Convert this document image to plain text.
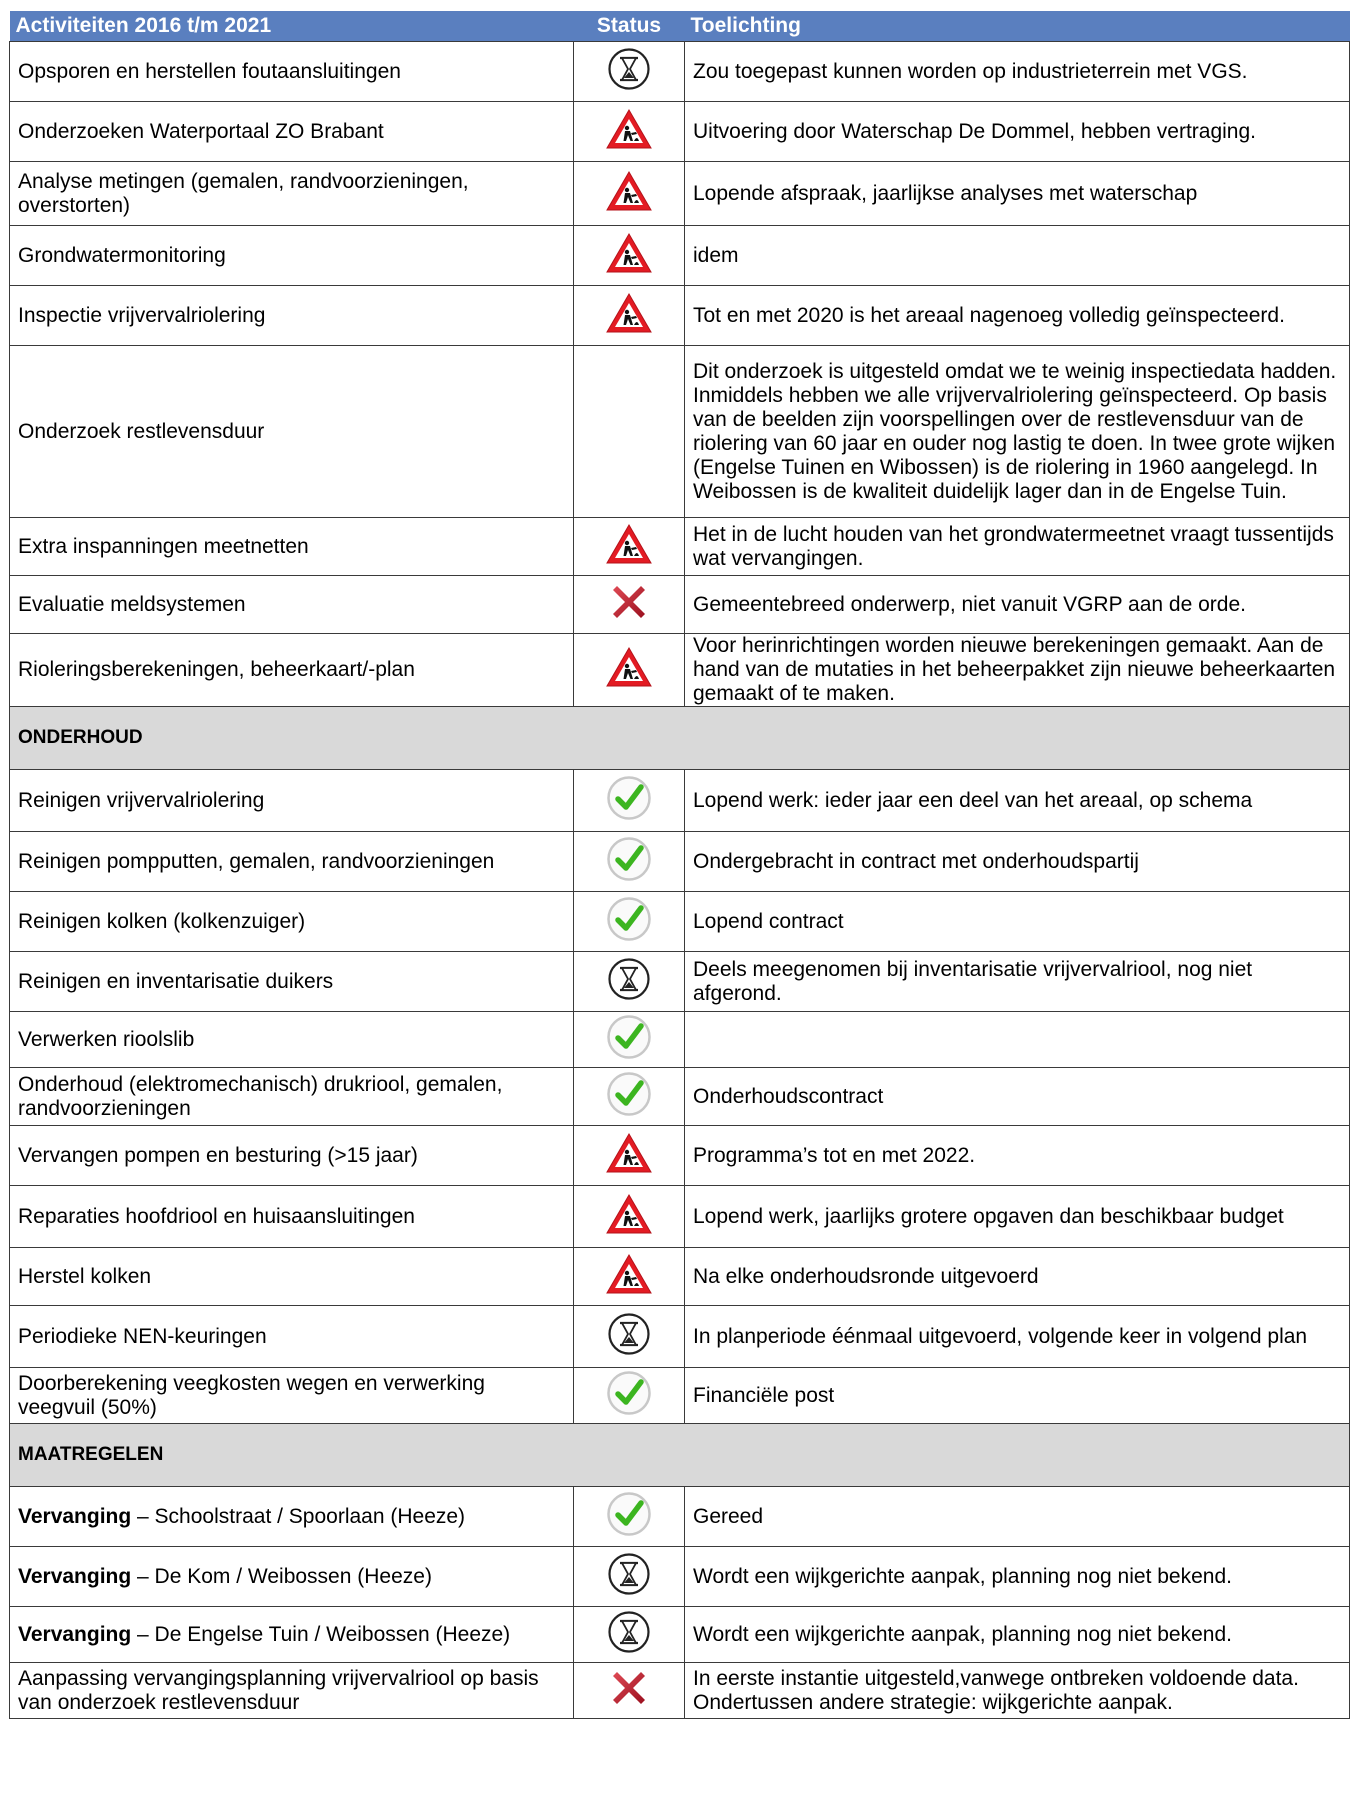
Activiteiten 2016 t/m 2021	Status	Toelichting
Opsporen en herstellen foutaansluitingen		Zou toegepast kunnen worden op industrieterrein met VGS.
Onderzoeken Waterportaal ZO Brabant		Uitvoering door Waterschap De Dommel, hebben vertraging.
Analyse metingen (gemalen, randvoorzieningen, overstorten)		Lopende afspraak, jaarlijkse analyses met waterschap
Grondwatermonitoring		idem
Inspectie vrijvervalriolering		Tot en met 2020 is het areaal nagenoeg volledig geïnspecteerd.
Onderzoek restlevensduur		Dit onderzoek is uitgesteld omdat we te weinig inspectiedata hadden. Inmiddels hebben we alle vrijvervalriolering geïnspecteerd. Op basis van de beelden zijn voorspellingen over de restlevensduur van de riolering van 60 jaar en ouder nog lastig te doen. In twee grote wijken (Engelse Tuinen en Wibossen) is de riolering in 1960 aangelegd. In Weibossen is de kwaliteit duidelijk lager dan in de Engelse Tuin.
Extra inspanningen meetnetten		Het in de lucht houden van het grondwatermeetnet vraagt tussentijds wat vervangingen.
Evaluatie meldsystemen		Gemeentebreed onderwerp, niet vanuit VGRP aan de orde.
Rioleringsberekeningen, beheerkaart/-plan		Voor herinrichtingen worden nieuwe berekeningen gemaakt. Aan de hand van de mutaties in het beheerpakket zijn nieuwe beheerkaarten gemaakt of te maken.
ONDERHOUD		
Reinigen vrijvervalriolering		Lopend werk: ieder jaar een deel van het areaal, op schema
Reinigen pompputten, gemalen, randvoorzieningen		Ondergebracht in contract met onderhoudspartij
Reinigen kolken (kolkenzuiger)		Lopend contract
Reinigen en inventarisatie duikers		Deels meegenomen bij inventarisatie vrijvervalriool, nog niet afgerond.
Verwerken rioolslib		
Onderhoud (elektromechanisch) drukriool, gemalen, randvoorzieningen		Onderhoudscontract
Vervangen pompen en besturing (>15 jaar)		Programma’s tot en met 2022.
Reparaties hoofdriool en huisaansluitingen		Lopend werk, jaarlijks grotere opgaven dan beschikbaar budget
Herstel kolken		Na elke onderhoudsronde uitgevoerd
Periodieke NEN-keuringen		In planperiode éénmaal uitgevoerd, volgende keer in volgend plan
Doorberekening veegkosten wegen en verwerking veegvuil (50%)		Financiële post
MAATREGELEN		
Vervanging – Schoolstraat / Spoorlaan (Heeze)		Gereed
Vervanging – De Kom / Weibossen (Heeze)		Wordt een wijkgerichte aanpak, planning nog niet bekend.
Vervanging – De Engelse Tuin / Weibossen (Heeze)		Wordt een wijkgerichte aanpak, planning nog niet bekend.
Aanpassing vervangingsplanning vrijvervalriool op basis van onderzoek restlevensduur		In eerste instantie uitgesteld,vanwege ontbreken voldoende data. Ondertussen andere strategie: wijkgerichte aanpak.
